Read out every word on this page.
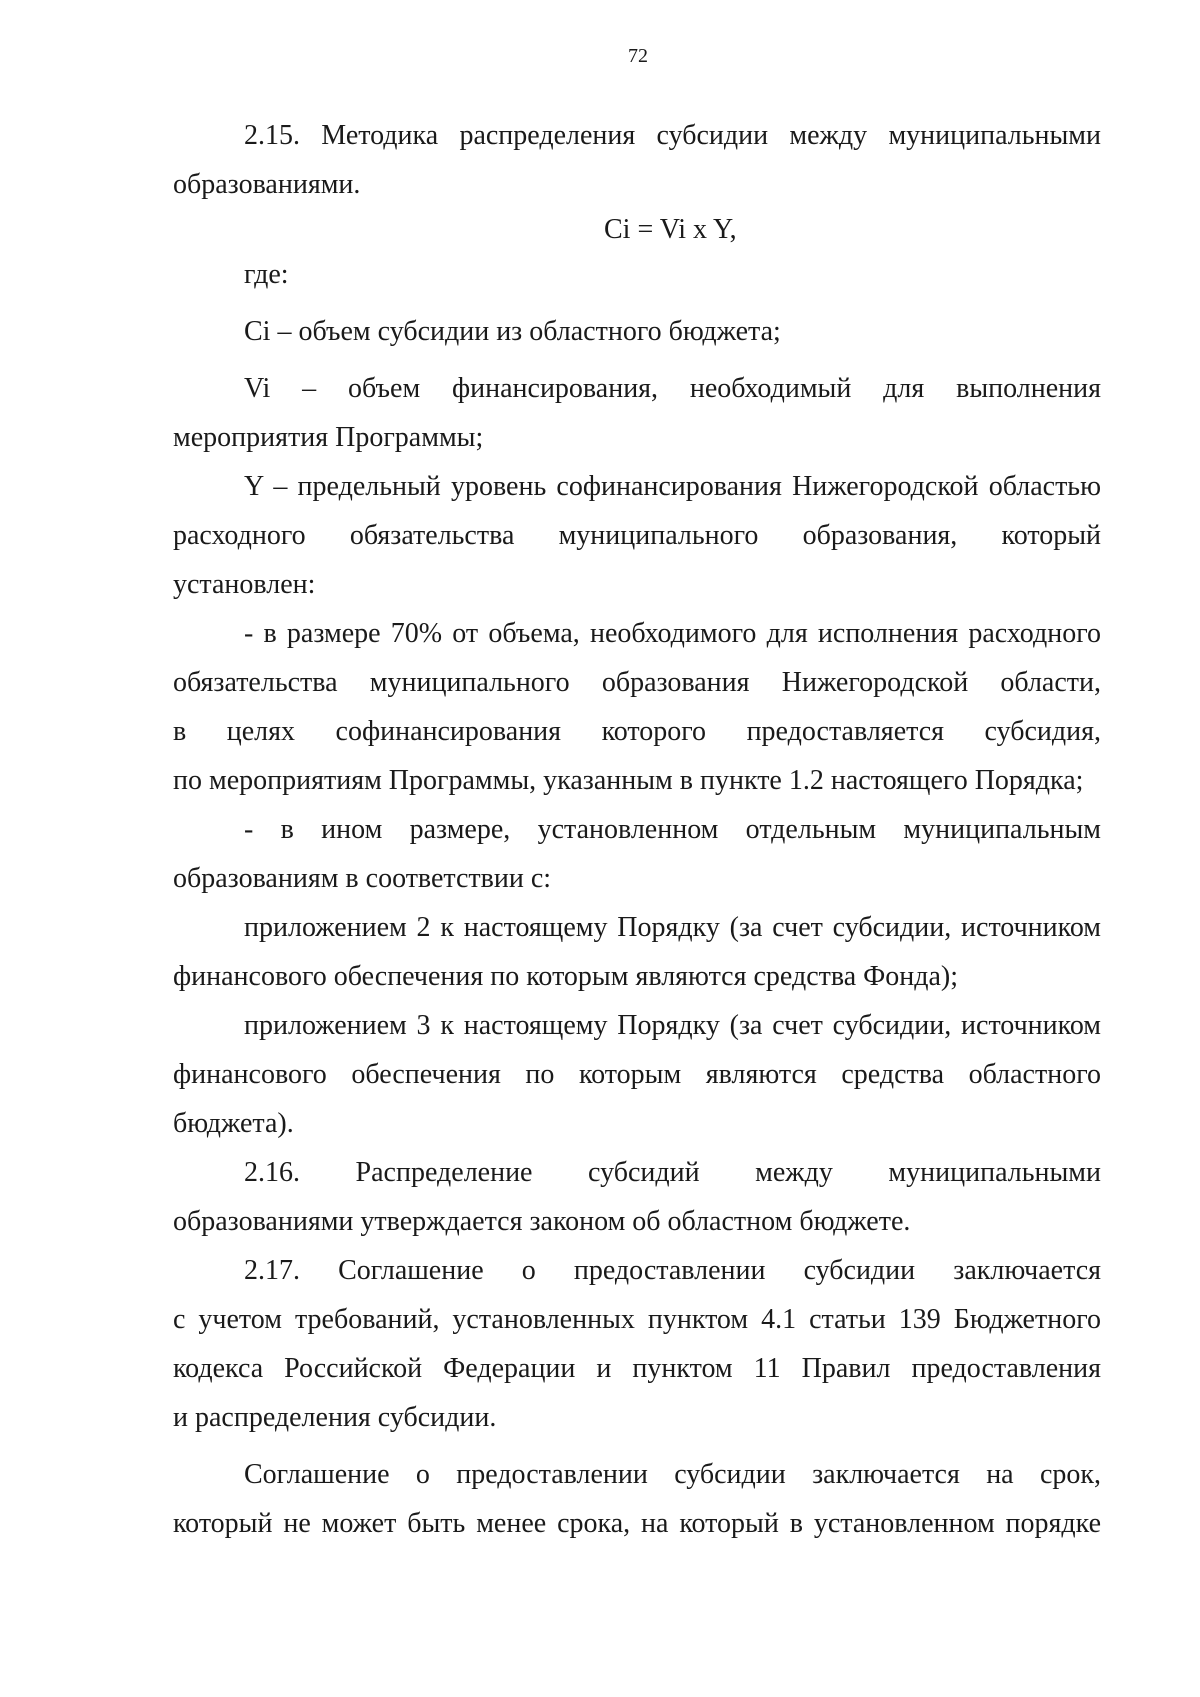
72
2.15. Методика распределения субсидии между муниципальными
образованиями.
Ci = Vi x Y,
где:
Ci – объем субсидии из областного бюджета;
Vi – объем финансирования, необходимый для выполнения
мероприятия Программы;
Y – предельный уровень софинансирования Нижегородской областью
расходного обязательства муниципального образования, который
установлен:
- в размере 70% от объема, необходимого для исполнения расходного
обязательства муниципального образования Нижегородской области,
в целях софинансирования которого предоставляется субсидия,
по мероприятиям Программы, указанным в пункте 1.2 настоящего Порядка;
- в ином размере, установленном отдельным муниципальным
образованиям в соответствии с:
приложением 2 к настоящему Порядку (за счет субсидии, источником
финансового обеспечения по которым являются средства Фонда);
приложением 3 к настоящему Порядку (за счет субсидии, источником
финансового обеспечения по которым являются средства областного
бюджета).
2.16. Распределение субсидий между муниципальными
образованиями утверждается законом об областном бюджете.
2.17. Соглашение о предоставлении субсидии заключается
с учетом требований, установленных пунктом 4.1 статьи 139 Бюджетного
кодекса Российской Федерации и пунктом 11 Правил предоставления
и распределения субсидии.
Соглашение о предоставлении субсидии заключается на срок,
который не может быть менее срока, на который в установленном порядке
